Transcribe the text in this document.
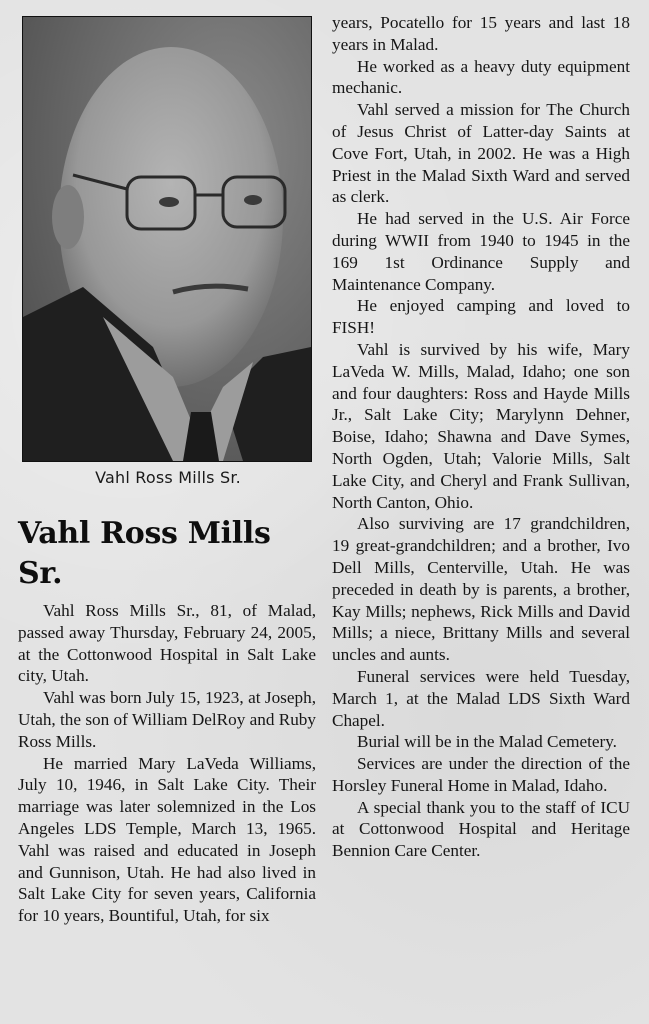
Vahl Ross Mills Sr.
Vahl Ross Mills Sr.

Vahl Ross Mills Sr., 81, of Malad, passed away Thursday, February 24, 2005, at the Cottonwood Hospital in Salt Lake city, Utah.

Vahl was born July 15, 1923, at Joseph, Utah, the son of William DelRoy and Ruby Ross Mills.

He married Mary LaVeda Williams, July 10, 1946, in Salt Lake City. Their marriage was later solemnized in the Los Angeles LDS Temple, March 13, 1965. Vahl was raised and educated in Joseph and Gunnison, Utah. He had also lived in Salt Lake City for seven years, California for 10 years, Bountiful, Utah, for six

years, Pocatello for 15 years and last 18 years in Malad.

He worked as a heavy duty equipment mechanic.

Vahl served a mission for The Church of Jesus Christ of Latter-day Saints at Cove Fort, Utah, in 2002. He was a High Priest in the Malad Sixth Ward and served as clerk.

He had served in the U.S. Air Force during WWII from 1940 to 1945 in the 169 1st Ordinance Supply and Maintenance Company.

He enjoyed camping and loved to FISH!

Vahl is survived by his wife, Mary LaVeda W. Mills, Malad, Idaho; one son and four daughters: Ross and Hayde Mills Jr., Salt Lake City; Marylynn Dehner, Boise, Idaho; Shawna and Dave Symes, North Ogden, Utah; Valorie Mills, Salt Lake City, and Cheryl and Frank Sullivan, North Canton, Ohio.

Also surviving are 17 grandchildren, 19 great-grandchildren; and a brother, Ivo Dell Mills, Centerville, Utah. He was preceded in death by is parents, a brother, Kay Mills; nephews, Rick Mills and David Mills; a niece, Brittany Mills and several uncles and aunts.

Funeral services were held Tuesday, March 1, at the Malad LDS Sixth Ward Chapel.

Burial will be in the Malad Cemetery.

Services are under the direction of the Horsley Funeral Home in Malad, Idaho.

A special thank you to the staff of ICU at Cottonwood Hospital and Heritage Bennion Care Center.
